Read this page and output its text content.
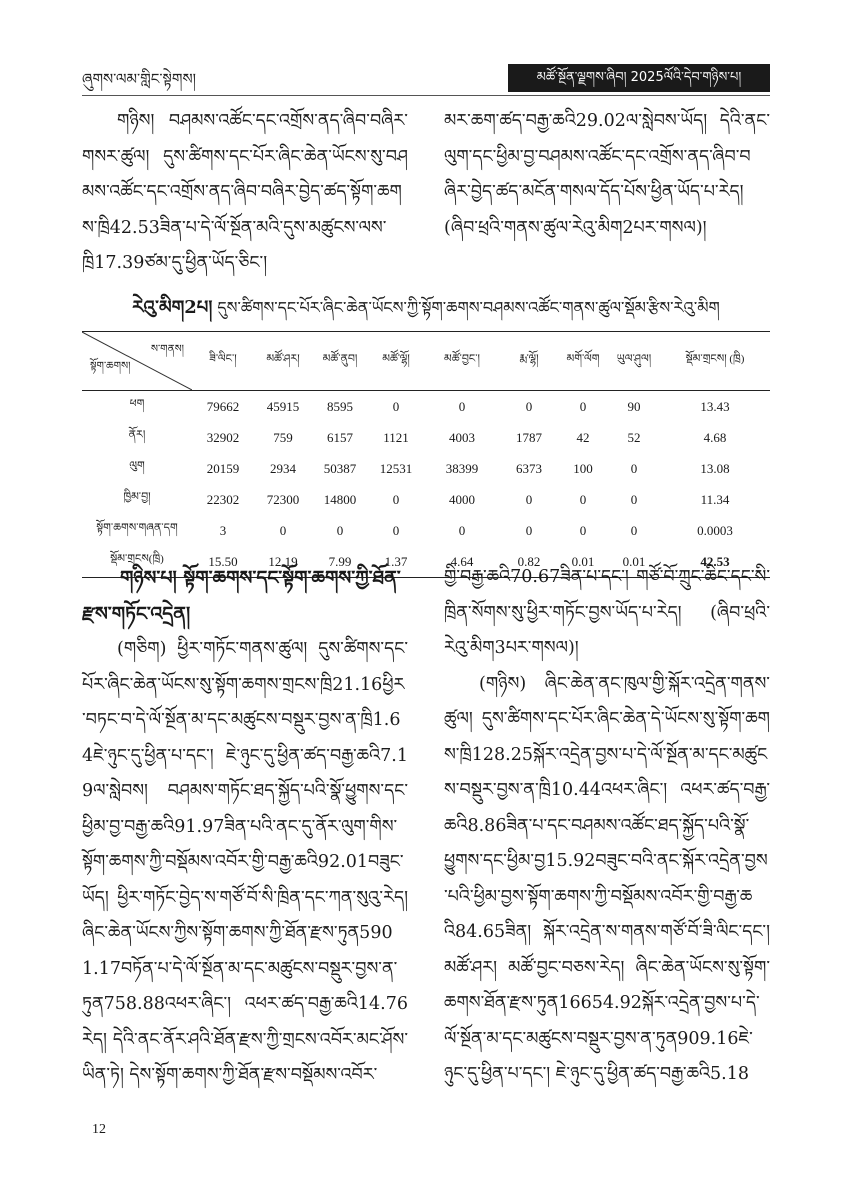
ཞུགས་ལམ་གླིང་སྟེགས།	མཚོ་སྔོན་ལྗགས་ཞིབ། 2025ལོའི་དེབ་གཉིས་པ།

གཉིས། བཤམས་འཚོང་དང་འགྲོས་ནད་ཞིབ་བཞིར་གསར་ཚུལ། དུས་ཚིགས་དང་པོར་ཞིང་ཆེན་ཡོངས་སུ་བཤམས་འཚོང་དང་འགྲོས་ནད་ཞིབ་བཞིར་བྱེད་ཚད་སྟོག་ཆགས་ཁྲི42.53ཟིན་པ་དེ་ལོ་སྔོན་མའི་དུས་མཚུངས་ལས་ཁྲི17.39ཙམ་དུ་ཕྱིན་ཡོད་ཅིང་།

མར་ཆག་ཚད་བརྒྱ་ཆའི29.02ལ་སླེབས་ཡོད། དེའི་ནང་ལུག་དང་ཕྱིམ་བྱ་བཤམས་འཚོང་དང་འགྲོས་ནད་ཞིབ་བཞིར་བྱེད་ཚད་མངོན་གསལ་དོད་པོས་ཕྱིན་ཡོད་པ་རེད། (ཞིབ་ཕྲའི་གནས་ཚུལ་རེའུ་མིག2པར་གསལ)།

རེའུ་མིག2པ། དུས་ཚིགས་དང་པོར་ཞིང་ཆེན་ཡོངས་ཀྱི་སྟོག་ཆགས་བཤམས་འཚོང་གནས་ཚུལ་སྡོམ་རྩིས་རེའུ་མིག
ས་གནས།
སྟོག་ཆགས།	ཟི་ལིང་།	མཚོ་ཤར།	མཚོ་ནུབ།	མཚོ་ལྷོ།	མཚོ་བྱང་།	རྨ་ལྷོ།	མགོ་ལོག	ཡུལ་ཤུལ།	སྡོམ་གྲངས། (ཁྲི)
ཕག	79662	45915	8595	0	0	0	0	90	13.43
ནོར།	32902	759	6157	1121	4003	1787	42	52	4.68
ལུག	20159	2934	50387	12531	38399	6373	100	0	13.08
ཁྱིམ་བྱ།	22302	72300	14800	0	4000	0	0	0	11.34
སྟོག་ཆགས་གཞན་དག	3	0	0	0	0	0	0	0	0.0003
སྡོམ་གྲངས(ཁྲི)	15.50	12.19	7.99	1.37	4.64	0.82	0.01	0.01	42.53
གཉིས་པ། སྟོག་ཆགས་དང་སྟོག་ཆགས་ཀྱི་ཐོན་རྫས་གཏོང་འདྲེན།

(གཅིག) ཕྱིར་གཏོང་གནས་ཚུལ། དུས་ཚིགས་དང་པོར་ཞིང་ཆེན་ཡོངས་སུ་སྟོག་ཆགས་གྲངས་ཁྲི21.16ཕྱིར་བཏང་བ་དེ་ལོ་སྔོན་མ་དང་མཚུངས་བསྡུར་བྱས་ན་ཁྲི1.64ཇེ་ཉུང་དུ་ཕྱིན་པ་དང་། ཇེ་ཉུང་དུ་ཕྱིན་ཚད་བརྒྱ་ཆའི7.19ལ་སླེབས། བཤམས་གཏོང་ཐད་སྐྱོད་པའི་སྣོ་ཕྱུགས་དང་ཕྱིམ་བྱ་བརྒྱ་ཆའི91.97ཟིན་པའི་ནང་དུ་ནོར་ལུག་གིས་སྟོག་ཆགས་ཀྱི་བསྡོམས་འབོར་གྱི་བརྒྱ་ཆའི92.01བཟུང་ཡོད། ཕྱིར་གཏོང་བྱེད་ས་གཙོ་བོ་སི་ཁྲིན་དང་ཀན་སུའུ་རེད། ཞིང་ཆེན་ཡོངས་ཀྱིས་སྟོག་ཆགས་ཀྱི་ཐོན་རྫས་ཏུན5901.17བཏོན་པ་དེ་ལོ་སྔོན་མ་དང་མཚུངས་བསྡུར་བྱས་ན་ཏུན758.88འཕར་ཞིང་། འཕར་ཚད་བརྒྱ་ཆའི14.76རེད། དེའི་ནང་ནོར་ཤའི་ཐོན་རྫས་ཀྱི་གྲངས་འབོར་མང་ཤོས་ཡིན་ཏེ། དེས་སྟོག་ཆགས་ཀྱི་ཐོན་རྫས་བསྡོམས་འབོར་

གྱི་བརྒྱ་ཆའི70.67ཟིན་པ་དང་། གཙོ་བོ་ཀྲུང་ཆིང་དང་སི་ཁྲིན་སོགས་སུ་ཕྱིར་གཏོང་བྱས་ཡོད་པ་རེད། (ཞིབ་ཕྲའི་རེའུ་མིག3པར་གསལ)།

(གཉིས) ཞིང་ཆེན་ནང་ཁུལ་གྱི་སྐོར་འདྲེན་གནས་ཚུལ། དུས་ཚིགས་དང་པོར་ཞིང་ཆེན་དེ་ཡོངས་སུ་སྟོག་ཆགས་ཁྲི128.25སྐོར་འདྲེན་བྱས་པ་དེ་ལོ་སྔོན་མ་དང་མཚུངས་བསྡུར་བྱས་ན་ཁྲི10.44འཕར་ཞིང་། འཕར་ཚད་བརྒྱ་ཆའི8.86ཟིན་པ་དང་བཤམས་འཚོང་ཐད་སྐྱོད་པའི་སྣོ་ཕྱུགས་དང་ཕྱིམ་བྱ15.92བཟུང་བའི་ནང་སྐོར་འདྲེན་བྱས་པའི་ཕྱིམ་བྱས་སྟོག་ཆགས་ཀྱི་བསྡོམས་འབོར་གྱི་བརྒྱ་ཆའི84.65ཟིན། སྐོར་འདྲེན་ས་གནས་གཙོ་བོ་ཟི་ལིང་དང་། མཚོ་ཤར། མཚོ་བྱང་བཅས་རེད། ཞིང་ཆེན་ཡོངས་སུ་སྟོག་ཆགས་ཐོན་རྫས་ཏུན16654.92སྐོར་འདྲེན་བྱས་པ་དེ་ལོ་སྔོན་མ་དང་མཚུངས་བསྡུར་བྱས་ན་ཏུན909.16ཇེ་ཉུང་དུ་ཕྱིན་པ་དང་། ཇེ་ཉུང་དུ་ཕྱིན་ཚད་བརྒྱ་ཆའི5.18

12
